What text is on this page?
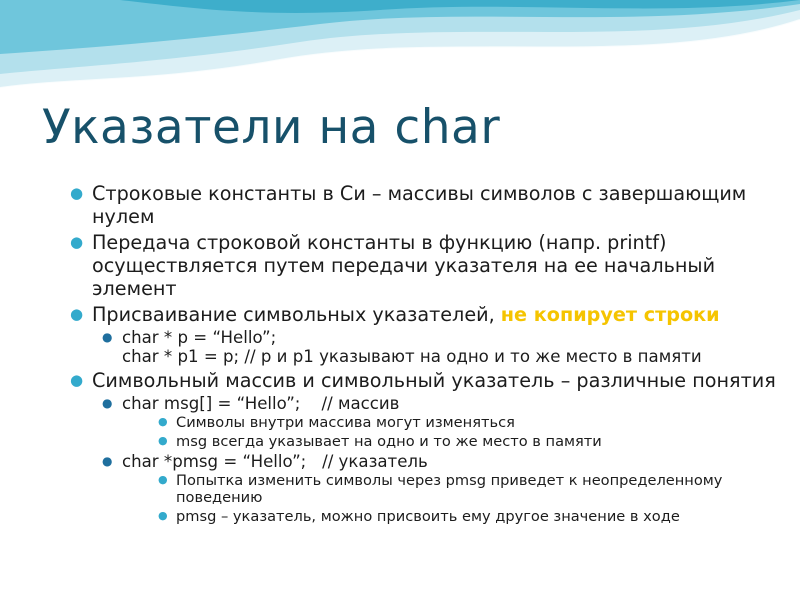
Указатели на char
● Строковые константы в Си – массивы символов с завершающим нулем
● Передача строковой константы в функцию (напр. printf) осуществляется путем передачи указателя на ее начальный элемент
● Присваивание символьных указателей, не копирует строки
● char * p = “Hello”;
char * p1 = p; // p и p1 указывают на одно и то же место в памяти
● Символьный массив и символьный указатель – различные понятия
● char msg[] = “Hello”;    // массив
● Символы внутри массива могут изменяться
● msg всегда указывает на одно и то же место в памяти
● char *pmsg = “Hello”;   // указатель
● Попытка изменить символы через pmsg приведет к неопределенному поведению
● pmsg – указатель, можно присвоить ему другое значение в ходе
